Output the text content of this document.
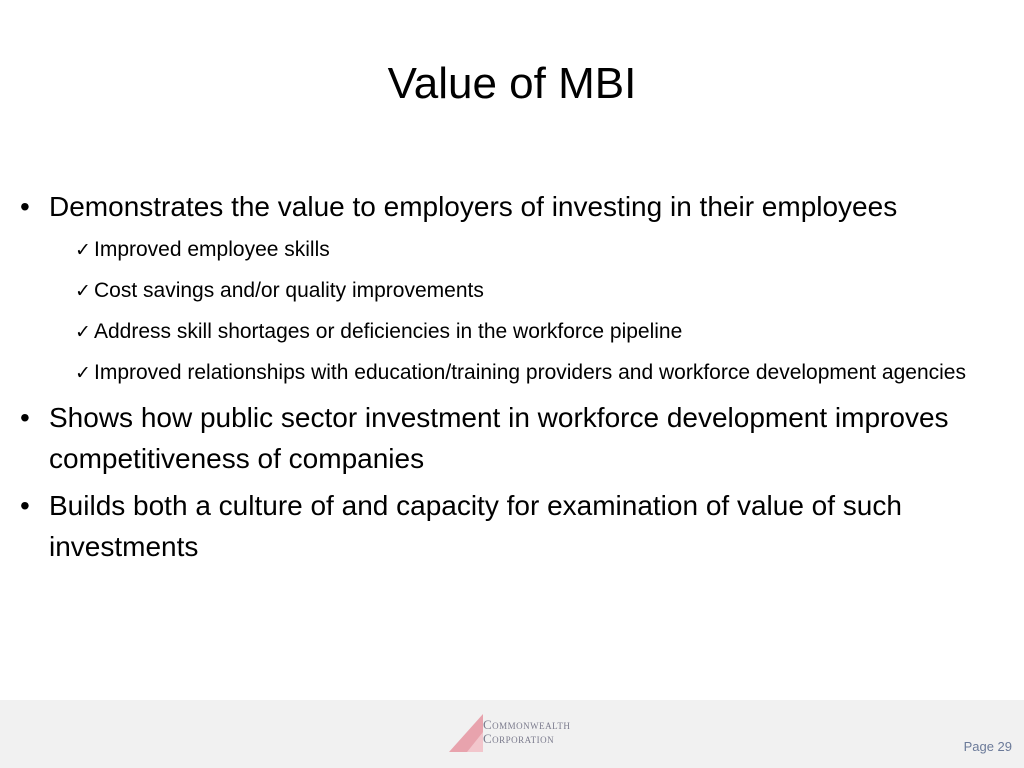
Value of MBI
• Demonstrates the value to employers of investing in their employees
✓ Improved employee skills
✓ Cost savings and/or quality improvements
✓ Address skill shortages or deficiencies in the workforce pipeline
✓ Improved relationships with education/training providers and workforce development agencies
• Shows how public sector investment in workforce development improves competitiveness of companies
• Builds both a culture of and capacity for examination of value of such investments
Commonwealth
Corporation
Page 29
